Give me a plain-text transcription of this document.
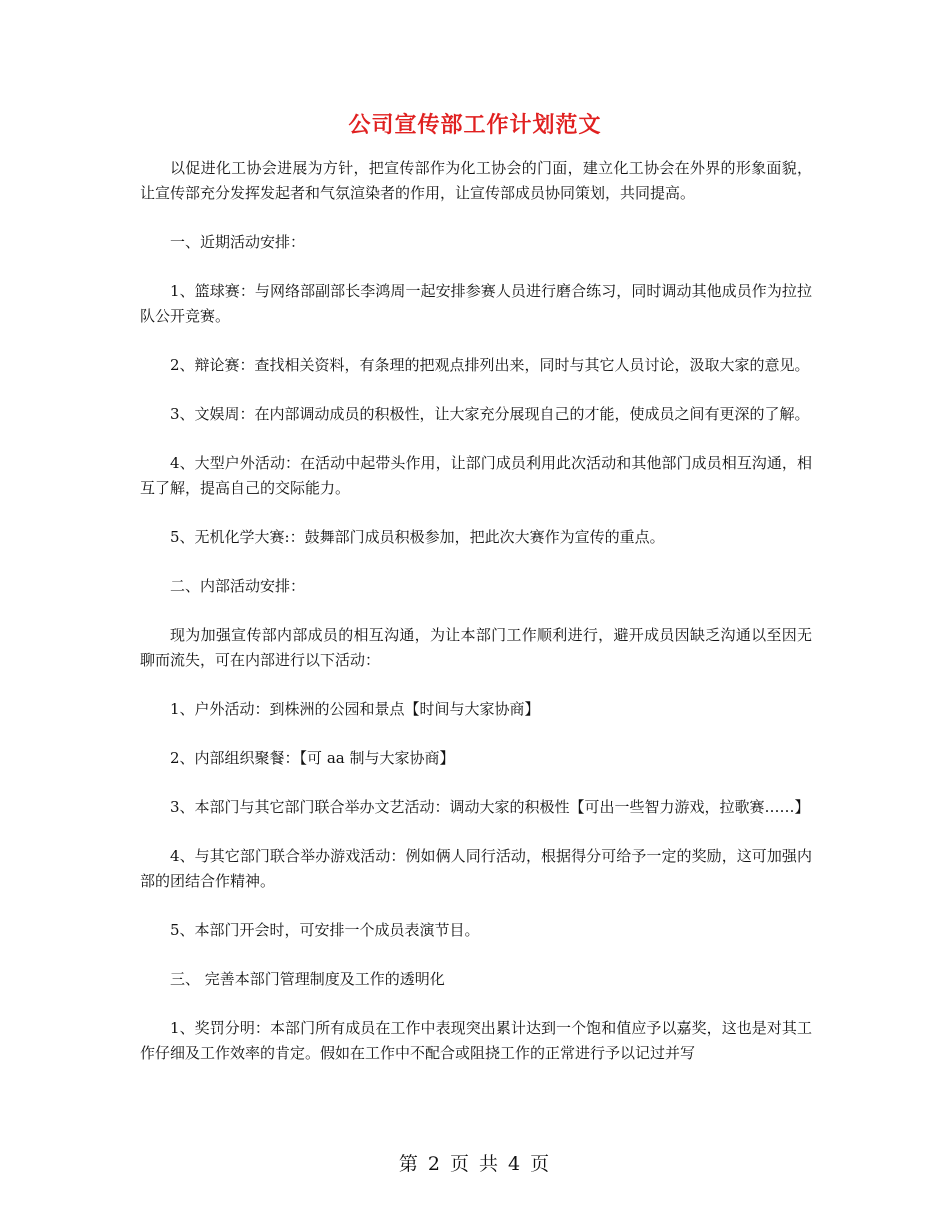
公司宣传部工作计划范文

以促进化工协会进展为方针，把宣传部作为化工协会的门面，建立化工协会在外界的形象面貌，让宣传部充分发挥发起者和气氛渲染者的作用，让宣传部成员协同策划，共同提高。

一、近期活动安排：

1、篮球赛：与网络部副部长李鸿周一起安排参赛人员进行磨合练习，同时调动其他成员作为拉拉队公开竞赛。

2、辩论赛：查找相关资料，有条理的把观点排列出来，同时与其它人员讨论，汲取大家的意见。

3、文娱周：在内部调动成员的积极性，让大家充分展现自己的才能，使成员之间有更深的了解。

4、大型户外活动：在活动中起带头作用，让部门成员利用此次活动和其他部门成员相互沟通，相互了解，提高自己的交际能力。

5、无机化学大赛:：鼓舞部门成员积极参加，把此次大赛作为宣传的重点。

二、内部活动安排：

现为加强宣传部内部成员的相互沟通，为让本部门工作顺利进行，避开成员因缺乏沟通以至因无聊而流失，可在内部进行以下活动：

1、户外活动：到株洲的公园和景点【时间与大家协商】

2、内部组织聚餐：【可 aa 制与大家协商】

3、本部门与其它部门联合举办文艺活动：调动大家的积极性【可出一些智力游戏，拉歌赛……】

4、与其它部门联合举办游戏活动：例如俩人同行活动，根据得分可给予一定的奖励，这可加强内部的团结合作精神。

5、本部门开会时，可安排一个成员表演节目。

三、 完善本部门管理制度及工作的透明化

1、奖罚分明：本部门所有成员在工作中表现突出累计达到一个饱和值应予以嘉奖，这也是对其工作仔细及工作效率的肯定。假如在工作中不配合或阻挠工作的正常进行予以记过并写

第 2 页 共 4 页
